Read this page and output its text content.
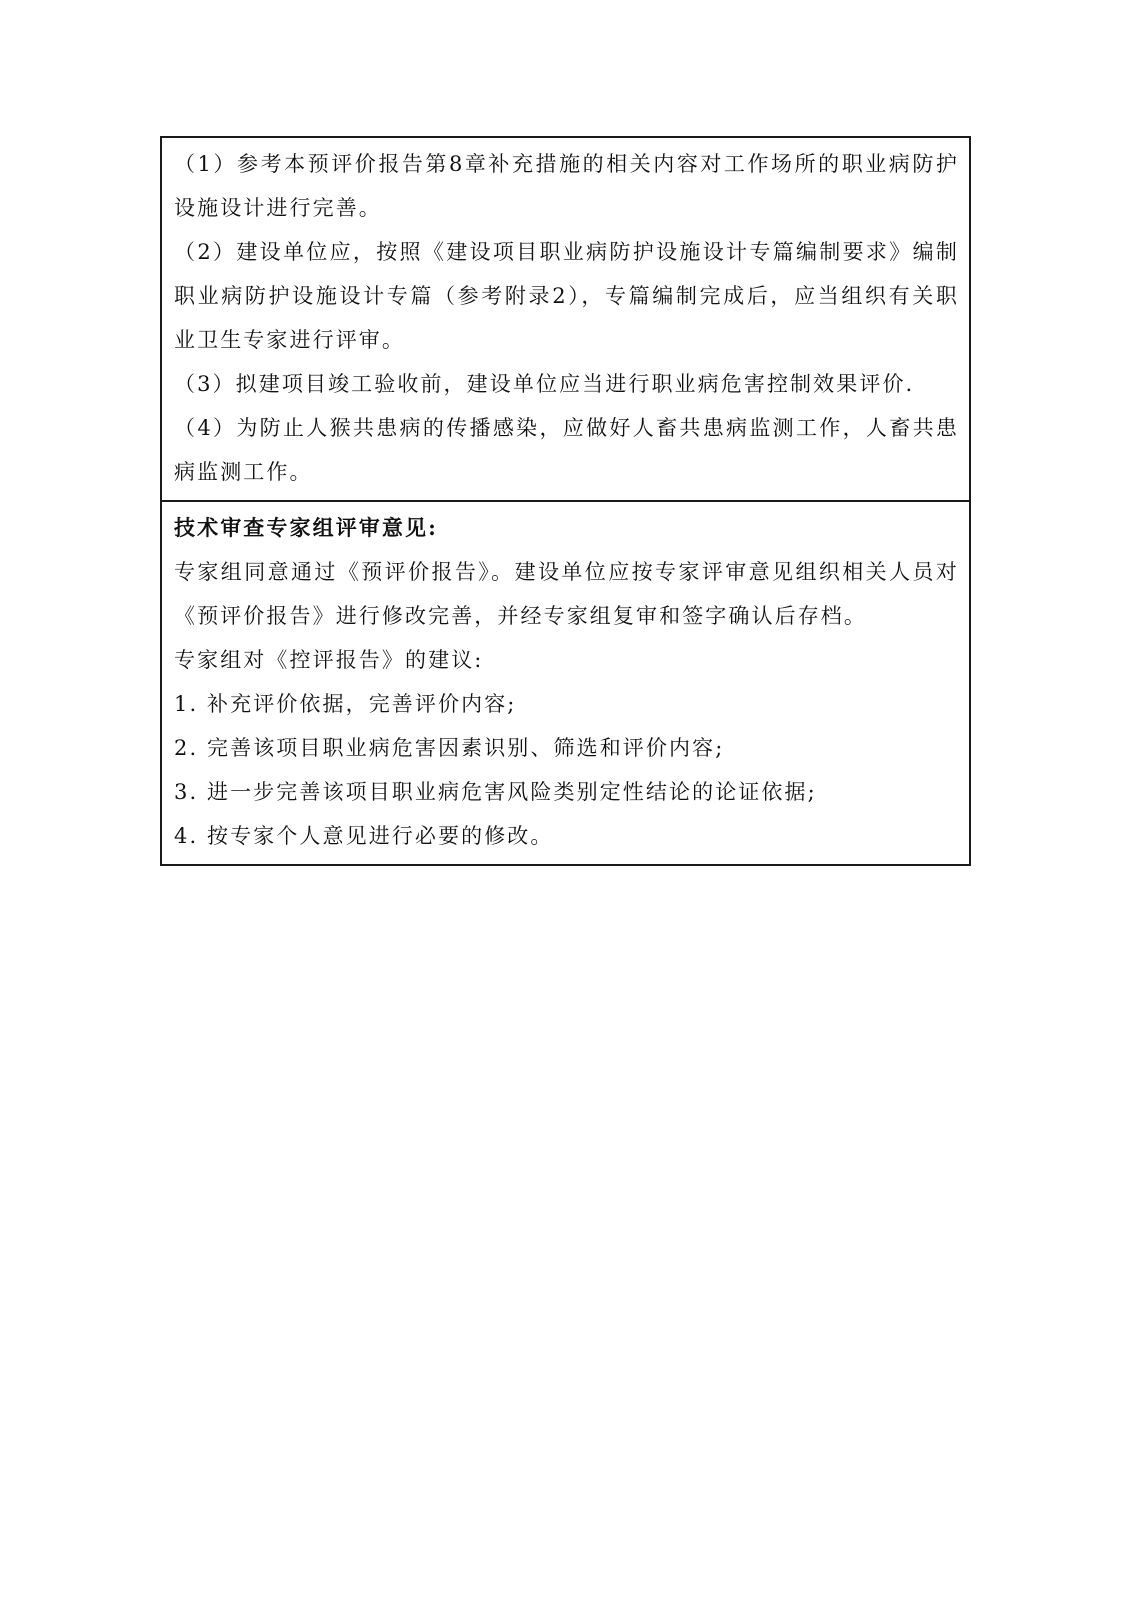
（1）参考本预评价报告第8章补充措施的相关内容对工作场所的职业病防护设施设计进行完善。

（2）建设单位应，按照《建设项目职业病防护设施设计专篇编制要求》编制职业病防护设施设计专篇（参考附录2），专篇编制完成后，应当组织有关职业卫生专家进行评审。

（3）拟建项目竣工验收前，建设单位应当进行职业病危害控制效果评价.

（4）为防止人猴共患病的传播感染，应做好人畜共患病监测工作，人畜共患病监测工作。

技术审查专家组评审意见:

专家组同意通过《预评价报告》。建设单位应按专家评审意见组织相关人员对《预评价报告》进行修改完善，并经专家组复审和签字确认后存档。

专家组对《控评报告》的建议:

1. 补充评价依据，完善评价内容;

2. 完善该项目职业病危害因素识别、筛选和评价内容;

3. 进一步完善该项目职业病危害风险类别定性结论的论证依据;

4. 按专家个人意见进行必要的修改。
